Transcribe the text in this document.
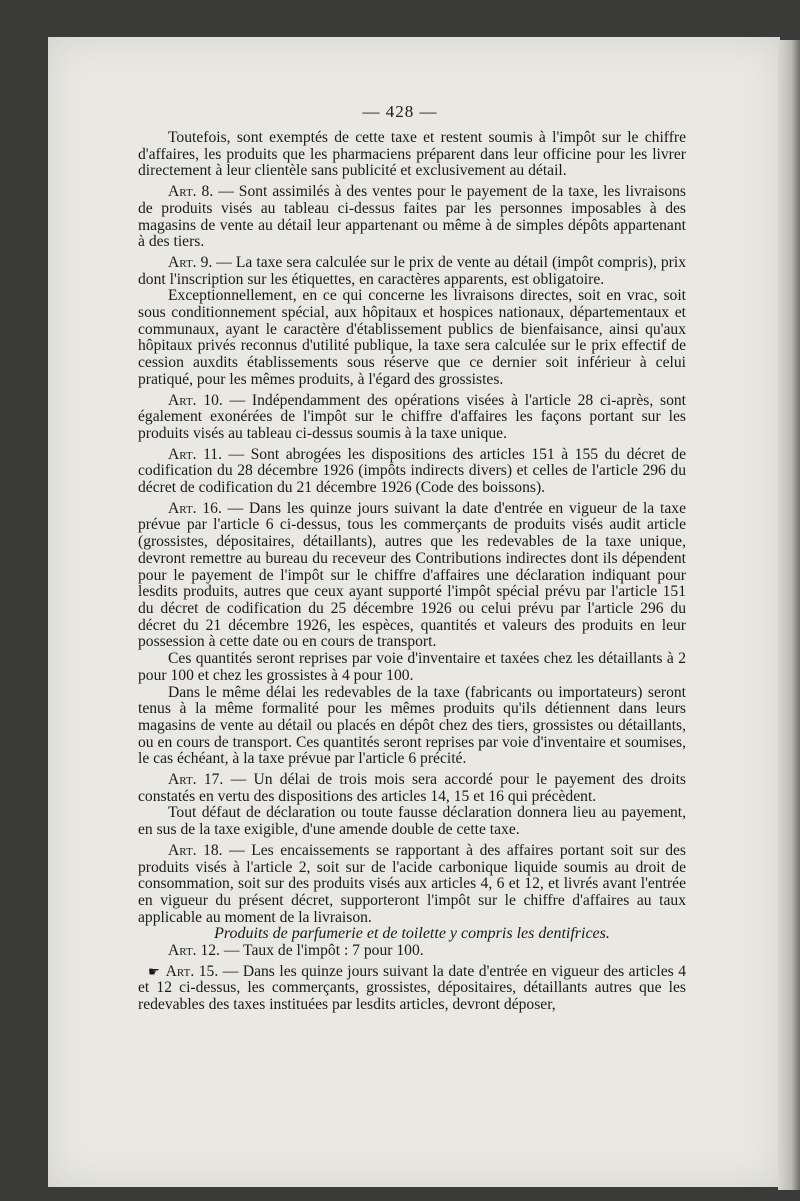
— 428 —

Toutefois, sont exemptés de cette taxe et restent soumis à l'impôt sur le chiffre d'affaires, les produits que les pharmaciens préparent dans leur officine pour les livrer directement à leur clientèle sans publicité et exclusivement au détail.

Art. 8. — Sont assimilés à des ventes pour le payement de la taxe, les livraisons de produits visés au tableau ci-dessus faites par les personnes imposables à des magasins de vente au détail leur appartenant ou même à de simples dépôts appartenant à des tiers.

Art. 9. — La taxe sera calculée sur le prix de vente au détail (impôt compris), prix dont l'inscription sur les étiquettes, en caractères apparents, est obligatoire.

Exceptionnellement, en ce qui concerne les livraisons directes, soit en vrac, soit sous conditionnement spécial, aux hôpitaux et hospices nationaux, départementaux et communaux, ayant le caractère d'établissement publics de bienfaisance, ainsi qu'aux hôpitaux privés reconnus d'utilité publique, la taxe sera calculée sur le prix effectif de cession auxdits établissements sous réserve que ce dernier soit inférieur à celui pratiqué, pour les mêmes produits, à l'égard des grossistes.

Art. 10. — Indépendamment des opérations visées à l'article 28 ci-après, sont également exonérées de l'impôt sur le chiffre d'affaires les façons portant sur les produits visés au tableau ci-dessus soumis à la taxe unique.

Art. 11. — Sont abrogées les dispositions des articles 151 à 155 du décret de codification du 28 décembre 1926 (impôts indirects divers) et celles de l'article 296 du décret de codification du 21 décembre 1926 (Code des boissons).

Art. 16. — Dans les quinze jours suivant la date d'entrée en vigueur de la taxe prévue par l'article 6 ci-dessus, tous les commerçants de produits visés audit article (grossistes, dépositaires, détaillants), autres que les redevables de la taxe unique, devront remettre au bureau du receveur des Contributions indirectes dont ils dépendent pour le payement de l'impôt sur le chiffre d'affaires une déclaration indiquant pour lesdits produits, autres que ceux ayant supporté l'impôt spécial prévu par l'article 151 du décret de codification du 25 décembre 1926 ou celui prévu par l'article 296 du décret du 21 décembre 1926, les espèces, quantités et valeurs des produits en leur possession à cette date ou en cours de transport.

Ces quantités seront reprises par voie d'inventaire et taxées chez les détaillants à 2 pour 100 et chez les grossistes à 4 pour 100.

Dans le même délai les redevables de la taxe (fabricants ou importateurs) seront tenus à la même formalité pour les mêmes produits qu'ils détiennent dans leurs magasins de vente au détail ou placés en dépôt chez des tiers, grossistes ou détaillants, ou en cours de transport. Ces quantités seront reprises par voie d'inventaire et soumises, le cas échéant, à la taxe prévue par l'article 6 précité.

Art. 17. — Un délai de trois mois sera accordé pour le payement des droits constatés en vertu des dispositions des articles 14, 15 et 16 qui précèdent.

Tout défaut de déclaration ou toute fausse déclaration donnera lieu au payement, en sus de la taxe exigible, d'une amende double de cette taxe.

Art. 18. — Les encaissements se rapportant à des affaires portant soit sur des produits visés à l'article 2, soit sur de l'acide carbonique liquide soumis au droit de consommation, soit sur des produits visés aux articles 4, 6 et 12, et livrés avant l'entrée en vigueur du présent décret, supporteront l'impôt sur le chiffre d'affaires au taux applicable au moment de la livraison.

Produits de parfumerie et de toilette y compris les dentifrices.

Art. 12. — Taux de l'impôt : 7 pour 100.

☛ Art. 15. — Dans les quinze jours suivant la date d'entrée en vigueur des articles 4 et 12 ci-dessus, les commerçants, grossistes, dépositaires, détaillants autres que les redevables des taxes instituées par lesdits articles, devront déposer,
